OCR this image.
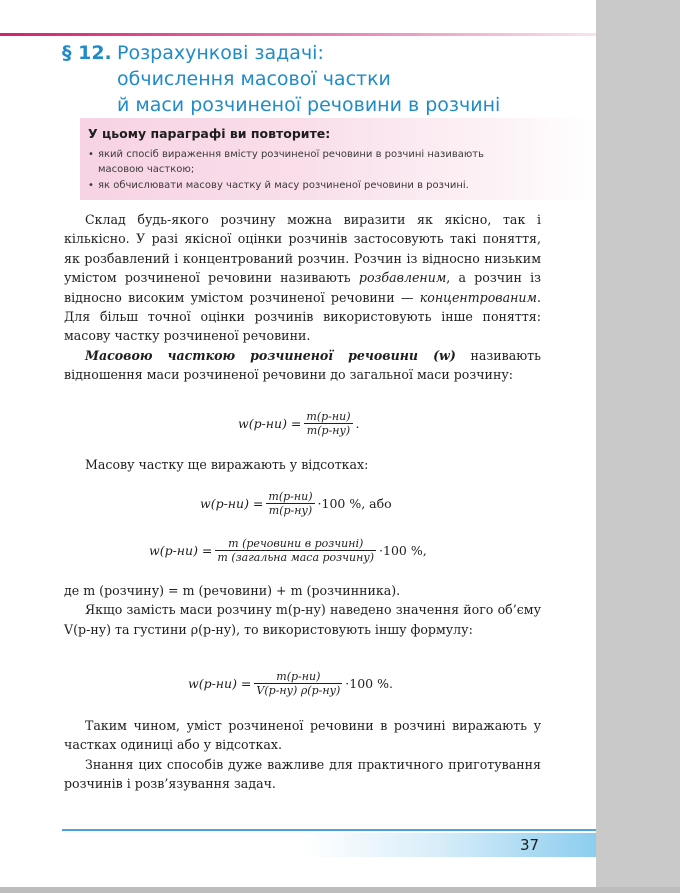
§ 12. Розрахункові задачі:
обчислення масової частки
й маси розчиненої речовини в розчині
У цьому параграфі ви повторите:
• який спосіб вираження вмісту розчиненої речовини в розчині називають
масовою часткою;
• як обчислювати масову частку й масу розчиненої речовини в розчині.

Склад будь-якого розчину можна виразити як якісно, так і кількісно. У разі якісної оцінки розчинів застосовують такі поняття, як розбавлений і концентрований розчин. Розчин із відносно низьким умістом розчиненої речовини називають розбавленим, а розчин із відносно високим умістом розчиненої речовини — концентрованим. Для більш точної оцінки розчинів використовують інше поняття: масову частку розчиненої речовини.

Масовою часткою розчиненої речовини (w) називають відношення маси розчиненої речовини до загальної маси розчину:

$w(р-ни) = \frac{m(р-ни)}{m(р-ну)}$ .

Масову частку ще виражають у відсотках:

$w(р-ни) = \frac{m(р-ни)}{m(р-ну)} \cdot 100$ %, або
$w(р-ни) = \frac{\text{m (речовини в розчині)}}{\text{m (загальна маса розчину)}} \cdot 100$ %,

де m (розчину) = m (речовини) + m (розчинника).

Якщо замість маси розчину m(р-ну) наведено значення його об’єму V(р-ну) та густини ρ(р-ну), то використовують іншу формулу:

$w(р-ни) = \frac{m(р-ни)}{V(р-ну) \rho(р-ну)} \cdot 100$ %.

Таким чином, уміст розчиненої речовини в розчині виражають у частках одиниці або у відсотках.

Знання цих способів дуже важливе для практичного приготування розчинів і розв’язування задач.

37
